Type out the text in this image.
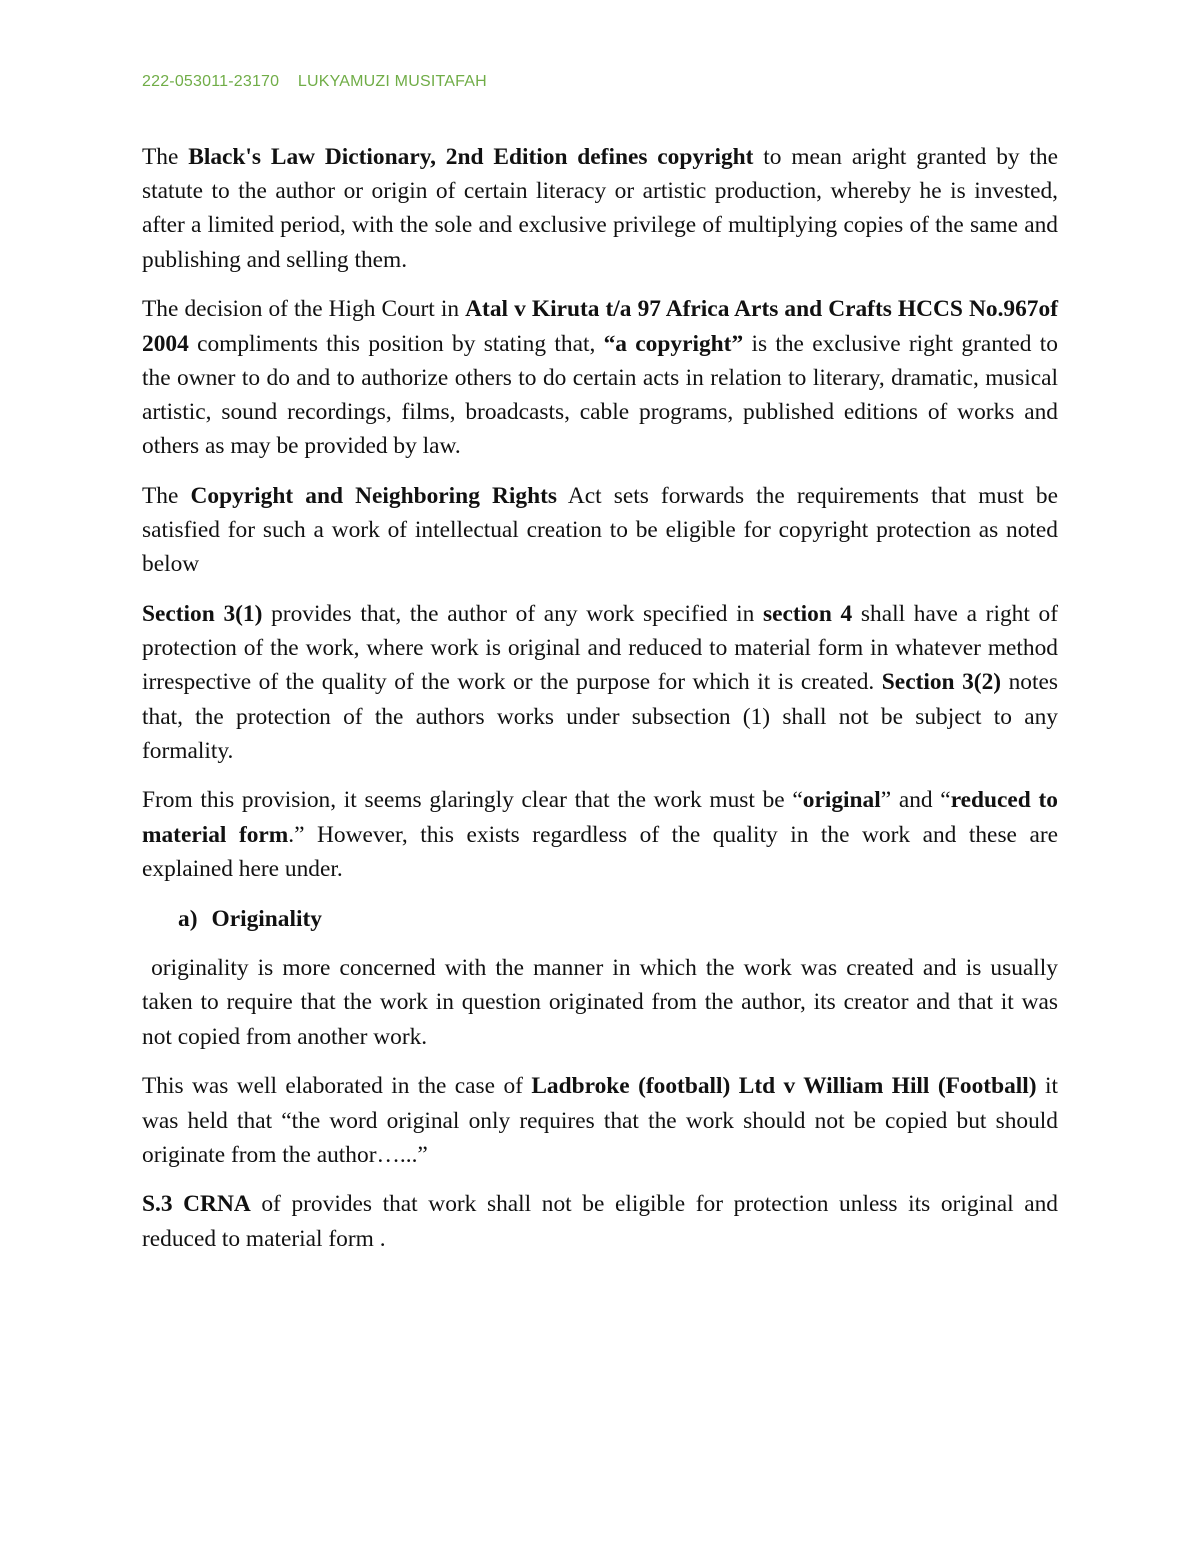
222-053011-23170 LUKYAMUZI MUSITAFAH

The Black's Law Dictionary, 2nd Edition defines copyright to mean aright granted by the statute to the author or origin of certain literacy or artistic production, whereby he is invested, after a limited period, with the sole and exclusive privilege of multiplying copies of the same and publishing and selling them.

The decision of the High Court in Atal v Kiruta t/a 97 Africa Arts and Crafts HCCS No.967of 2004 compliments this position by stating that, “a copyright” is the exclusive right granted to the owner to do and to authorize others to do certain acts in relation to literary, dramatic, musical artistic, sound recordings, films, broadcasts, cable programs, published editions of works and others as may be provided by law.

The Copyright and Neighboring Rights Act sets forwards the requirements that must be satisfied for such a work of intellectual creation to be eligible for copyright protection as noted below

Section 3(1) provides that, the author of any work specified in section 4 shall have a right of protection of the work, where work is original and reduced to material form in whatever method irrespective of the quality of the work or the purpose for which it is created. Section 3(2) notes that, the protection of the authors works under subsection (1) shall not be subject to any formality.

From this provision, it seems glaringly clear that the work must be “original” and “reduced to material form.” However, this exists regardless of the quality in the work and these are explained here under.

a) Originality

originality is more concerned with the manner in which the work was created and is usually taken to require that the work in question originated from the author, its creator and that it was not copied from another work.

This was well elaborated in the case of Ladbroke (football) Ltd v William Hill (Football) it was held that “the word original only requires that the work should not be copied but should originate from the author…...”

S.3 CRNA of provides that work shall not be eligible for protection unless its original and reduced to material form .
